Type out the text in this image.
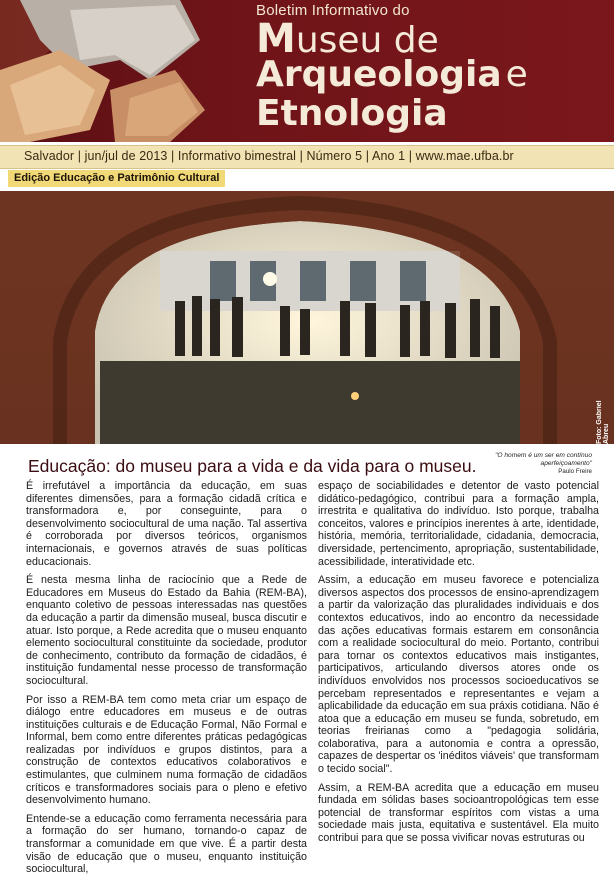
Boletim Informativo do
Museu de
Arqueologia e
Etnologia
Salvador | jun/jul de 2013 | Informativo bimestral | Número 5 | Ano 1 | www.mae.ufba.br
Edição Educação e Patrimônio Cultural
Foto: Gabriel Abreu
Educação: do museu para a vida e da vida para o museu.
"O homem é um ser em contínuo aperfeiçoamento"
Paulo Freire

É irrefutável a importância da educação, em suas diferentes dimensões, para a formação cidadã crítica e transformadora e, por conseguinte, para o desenvolvimento sociocultural de uma nação. Tal assertiva é corroborada por diversos teóricos, organismos internacionais, e governos através de suas políticas educacionais.

É nesta mesma linha de raciocínio que a Rede de Educadores em Museus do Estado da Bahia (REM-BA), enquanto coletivo de pessoas interessadas nas questões da educação a partir da dimensão museal, busca discutir e atuar. Isto porque, a Rede acredita que o museu enquanto elemento sociocultural constituinte da sociedade, produtor de conhecimento, contributo da formação de cidadãos, é instituição fundamental nesse processo de transformação sociocultural.

Por isso a REM-BA tem como meta criar um espaço de diálogo entre educadores em museus e de outras instituições culturais e de Educação Formal, Não Formal e Informal, bem como entre diferentes práticas pedagógicas realizadas por indivíduos e grupos distintos, para a construção de contextos educativos colaborativos e estimulantes, que culminem numa formação de cidadãos críticos e transformadores sociais para o pleno e efetivo desenvolvimento humano.

Entende-se a educação como ferramenta necessária para a formação do ser humano, tornando-o capaz de transformar a comunidade em que vive. É a partir desta visão de educação que o museu, enquanto instituição sociocultural,

espaço de sociabilidades e detentor de vasto potencial didático-pedagógico, contribui para a formação ampla, irrestrita e qualitativa do indivíduo. Isto porque, trabalha conceitos, valores e princípios inerentes à arte, identidade, história, memória, territorialidade, cidadania, democracia, diversidade, pertencimento, apropriação, sustentabilidade, acessibilidade, interatividade etc.

Assim, a educação em museu favorece e potencializa diversos aspectos dos processos de ensino-aprendizagem a partir da valorização das pluralidades individuais e dos contextos educativos, indo ao encontro da necessidade das ações educativas formais estarem em consonância com a realidade sociocultural do meio. Portanto, contribui para tornar os contextos educativos mais instigantes, participativos, articulando diversos atores onde os indivíduos envolvidos nos processos socioeducativos se percebam representados e representantes e vejam a aplicabilidade da educação em sua práxis cotidiana. Não é atoa que a educação em museu se funda, sobretudo, em teorias freirianas como a "pedagogia solidária, colaborativa, para a autonomia e contra a opressão, capazes de despertar os 'inéditos viáveis' que transformam o tecido social".

Assim, a REM-BA acredita que a educação em museu fundada em sólidas bases socioantropológicas tem esse potencial de transformar espíritos com vistas a uma sociedade mais justa, equitativa e sustentável. Ela muito contribui para que se possa vivificar novas estruturas ou
